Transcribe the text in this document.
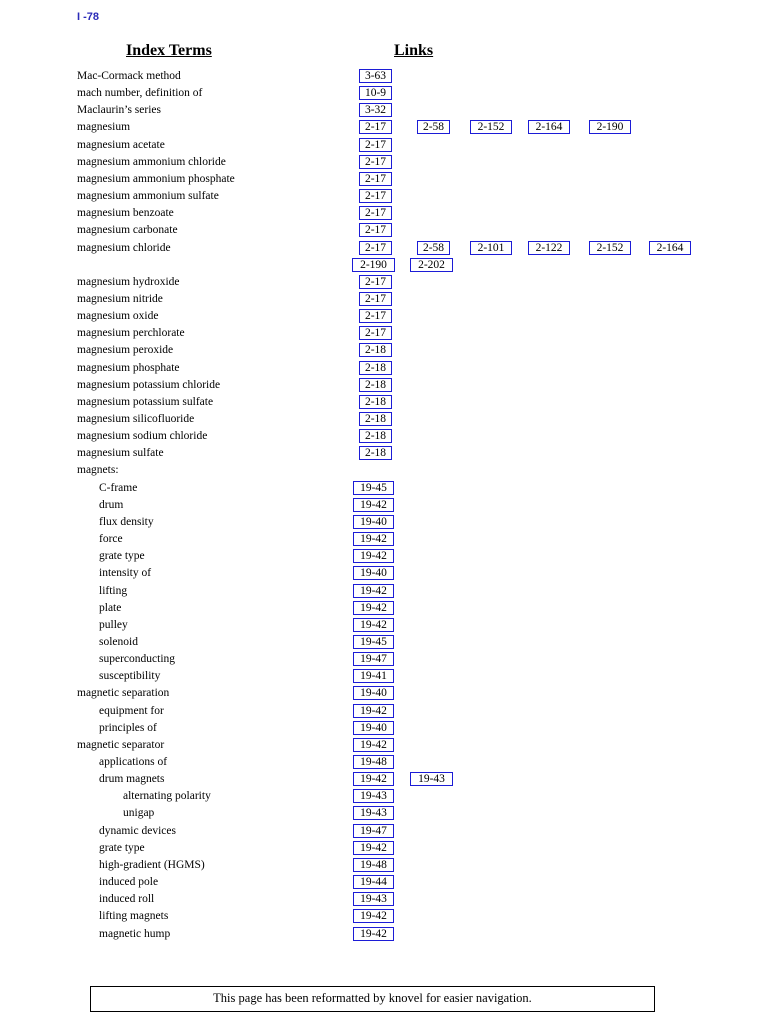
I -78
Index Terms	Links
Mac-Cormack method	3-63
mach number, definition of	10-9
Maclaurin’s series	3-32
magnesium	2-17	2-58	2-152	2-164	2-190
magnesium acetate	2-17
magnesium ammonium chloride	2-17
magnesium ammonium phosphate	2-17
magnesium ammonium sulfate	2-17
magnesium benzoate	2-17
magnesium carbonate	2-17
magnesium chloride	2-17	2-58	2-101	2-122	2-152	2-164
2-190	2-202
magnesium hydroxide	2-17
magnesium nitride	2-17
magnesium oxide	2-17
magnesium perchlorate	2-17
magnesium peroxide	2-18
magnesium phosphate	2-18
magnesium potassium chloride	2-18
magnesium potassium sulfate	2-18
magnesium silicofluoride	2-18
magnesium sodium chloride	2-18
magnesium sulfate	2-18
magnets:
C-frame	19-45
drum	19-42
flux density	19-40
force	19-42
grate type	19-42
intensity of	19-40
lifting	19-42
plate	19-42
pulley	19-42
solenoid	19-45
superconducting	19-47
susceptibility	19-41
magnetic separation	19-40
equipment for	19-42
principles of	19-40
magnetic separator	19-42
applications of	19-48
drum magnets	19-42	19-43
alternating polarity	19-43
unigap	19-43
dynamic devices	19-47
grate type	19-42
high-gradient (HGMS)	19-48
induced pole	19-44
induced roll	19-43
lifting magnets	19-42
magnetic hump	19-42
This page has been reformatted by knovel for easier navigation.
